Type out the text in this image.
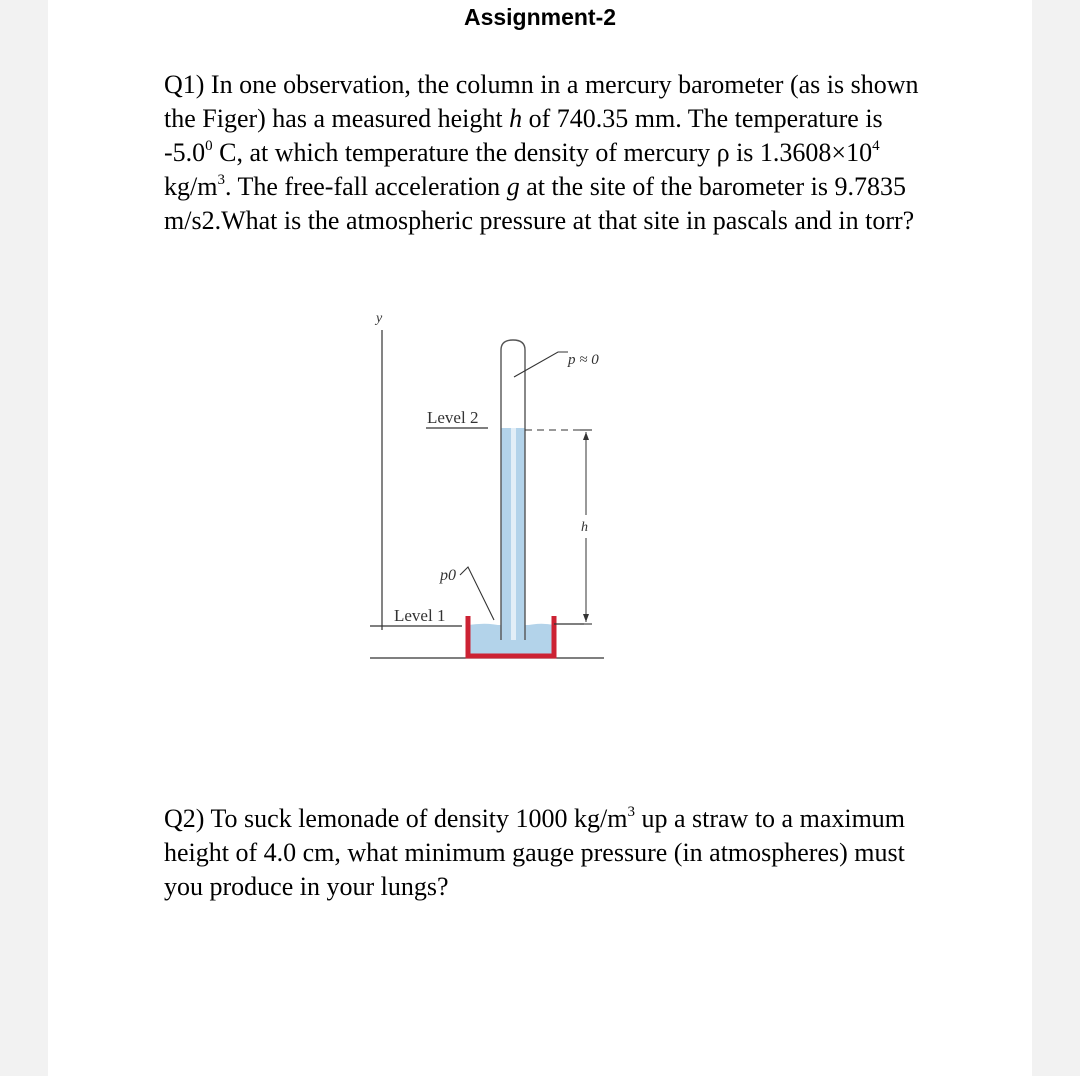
Assignment-2

Q1) In one observation, the column in a mercury barometer (as is shown the Figer) has a measured height h of 740.35 mm. The temperature is $-5.0^0$ C, at which temperature the density of mercury ρ is $1.3608\times 10^4$ $kg/m^3$. The free-fall acceleration g at the site of the barometer is 9.7835 m/s2.What is the atmospheric pressure at that site in pascals and in torr?

y
Level 2
Level 1
p ≈ 0
h
p0

Q2) To suck lemonade of density 1000 $kg/m^3$ up a straw to a maximum height of 4.0 cm, what minimum gauge pressure (in atmospheres) must you produce in your lungs?
